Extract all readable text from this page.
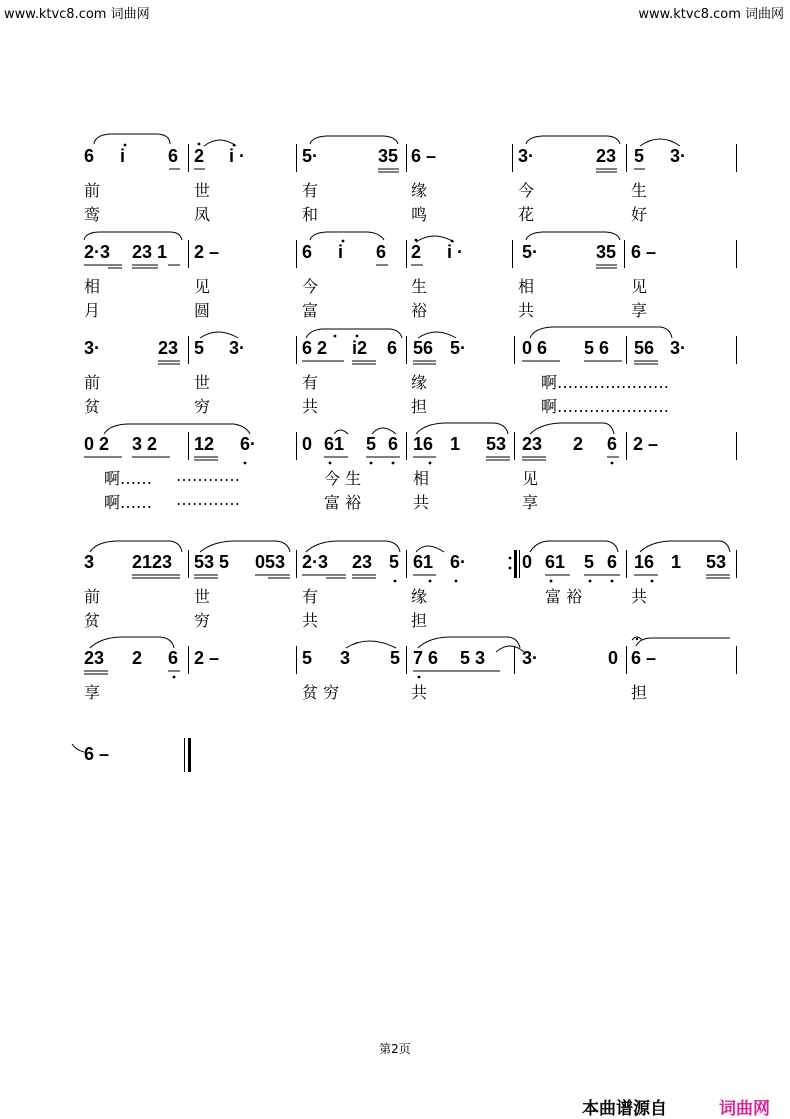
www.ktvc8.com 词曲网	www.ktvc8.com 词曲网
6 i 6 2 i ·	5·	35 6 –	3·	23 5 3·
前	世	有	缘	今	生
鸾	凤	和	鸣	花	好
2·3 23 1 2 –	6 i 6 2 i ·	5·	35 6 –
相	见	今	生	相	见
月	圆	富	裕	共	享
3·	23 5 3·	6 2 i2 6 56 5·	0 6 5 6 56 3·
前	世	有	缘	啊…………………
贫	穷	共	担	啊…………………
0 2 3 2 12 6·	0 61 5 6 16 1 53 23 2 6 2 –
啊…… …………	今 生	相	见
啊…… …………	富 裕	共	享
3 2123 53 5 053 2·3 23 5 61 6·	0 61 5 6 16 1 53
前	世	有	缘	富 裕	共
贫	穷	共	担
23 2 6 2 –	5 3 5 7 6 5 3 3·	0 6 –
享	贫 穷	共	担
6 –
第2页
本曲谱源自	词曲网
